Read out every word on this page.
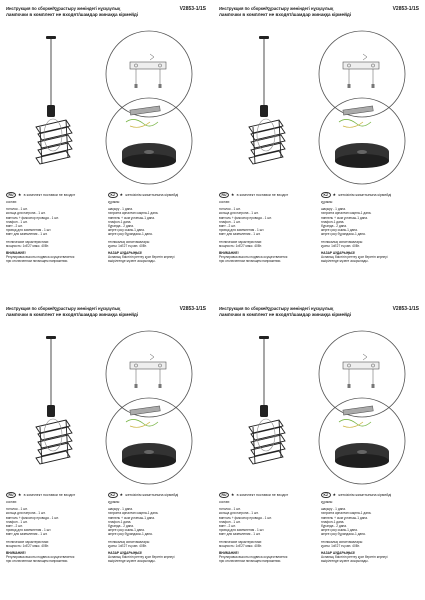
Инструкция по сборке/Құрастыру жөніндегі нұсқаулық	V2853-1/1S
лампочки в комплект не входят/шамдар жинаққа кірмейді
RU	★ в комплект поставки не входит	KZ	★ жеткізілім жиынтығына кірмейді
состав:
потолок - 1 шт.
кольца для патрона - 1 шт.
винтоль + фиксатор провода - 1 шт.
плафон - 1 шт.
винт - 2 шт.
провод для заземления - 1 шт.
винт для заземления - 1 шт.
технические характеристики:
мощность: 1xE27 макс. 40Вт.
ВНИМАНИЕ!
Регулировка высоты подвеса осуществляется
при отключенном питающем напряжении.
құрамы:
шақыру - 1 дана.
патронға арналған сақина-1 дана.
ниппель + сым ұстағыш-1 дана.
плафон-1 дана.
бұранда - 2 дана.
жерге қосу сымы-1 дана.
жерге қосу бұрандасы-1 дана.
техникалық сипаттамалары:
қуаты: 1xE27 ең көп. 40Вт.
НАЗАР АУДАРЫҢЫЗ!
Аспаның биіктігін реттеу қуат беретін кернеуі
өшірілгенде жүзеге асырылады.
Инструкция по сборке/Құрастыру жөніндегі нұсқаулық	V2853-1/1S
лампочки в комплект не входят/шамдар жинаққа кірмейді
RU	★ в комплект поставки не входит	KZ	★ жеткізілім жиынтығына кірмейді
состав:
потолок - 1 шт.
кольца для патрона - 1 шт.
винтоль + фиксатор провода - 1 шт.
плафон - 1 шт.
винт - 2 шт.
провод для заземления - 1 шт.
винт для заземления - 1 шт.
технические характеристики:
мощность: 1xE27 макс. 40Вт.
ВНИМАНИЕ!
Регулировка высоты подвеса осуществляется
при отключенном питающем напряжении.
құрамы:
шақыру - 1 дана.
патронға арналған сақина-1 дана.
ниппель + сым ұстағыш-1 дана.
плафон-1 дана.
бұранда - 2 дана.
жерге қосу сымы-1 дана.
жерге қосу бұрандасы-1 дана.
техникалық сипаттамалары:
қуаты: 1xE27 ең көп. 40Вт.
НАЗАР АУДАРЫҢЫЗ!
Аспаның биіктігін реттеу қуат беретін кернеуі
өшірілгенде жүзеге асырылады.
Инструкция по сборке/Құрастыру жөніндегі нұсқаулық	V2853-1/1S
лампочки в комплект не входят/шамдар жинаққа кірмейді
RU	★ в комплект поставки не входит	KZ	★ жеткізілім жиынтығына кірмейді
состав:
потолок - 1 шт.
кольца для патрона - 1 шт.
винтоль + фиксатор провода - 1 шт.
плафон - 1 шт.
винт - 2 шт.
провод для заземления - 1 шт.
винт для заземления - 1 шт.
технические характеристики:
мощность: 1xE27 макс. 40Вт.
ВНИМАНИЕ!
Регулировка высоты подвеса осуществляется
при отключенном питающем напряжении.
құрамы:
шақыру - 1 дана.
патронға арналған сақина-1 дана.
ниппель + сым ұстағыш-1 дана.
плафон-1 дана.
бұранда - 2 дана.
жерге қосу сымы-1 дана.
жерге қосу бұрандасы-1 дана.
техникалық сипаттамалары:
қуаты: 1xE27 ең көп. 40Вт.
НАЗАР АУДАРЫҢЫЗ!
Аспаның биіктігін реттеу қуат беретін кернеуі
өшірілгенде жүзеге асырылады.
Инструкция по сборке/Құрастыру жөніндегі нұсқаулық	V2853-1/1S
лампочки в комплект не входят/шамдар жинаққа кірмейді
RU	★ в комплект поставки не входит	KZ	★ жеткізілім жиынтығына кірмейді
состав:
потолок - 1 шт.
кольца для патрона - 1 шт.
винтоль + фиксатор провода - 1 шт.
плафон - 1 шт.
винт - 2 шт.
провод для заземления - 1 шт.
винт для заземления - 1 шт.
технические характеристики:
мощность: 1xE27 макс. 40Вт.
ВНИМАНИЕ!
Регулировка высоты подвеса осуществляется
при отключенном питающем напряжении.
құрамы:
шақыру - 1 дана.
патронға арналған сақина-1 дана.
ниппель + сым ұстағыш-1 дана.
плафон-1 дана.
бұранда - 2 дана.
жерге қосу сымы-1 дана.
жерге қосу бұрандасы-1 дана.
техникалық сипаттамалары:
қуаты: 1xE27 ең көп. 40Вт.
НАЗАР АУДАРЫҢЫЗ!
Аспаның биіктігін реттеу қуат беретін кернеуі
өшірілгенде жүзеге асырылады.
